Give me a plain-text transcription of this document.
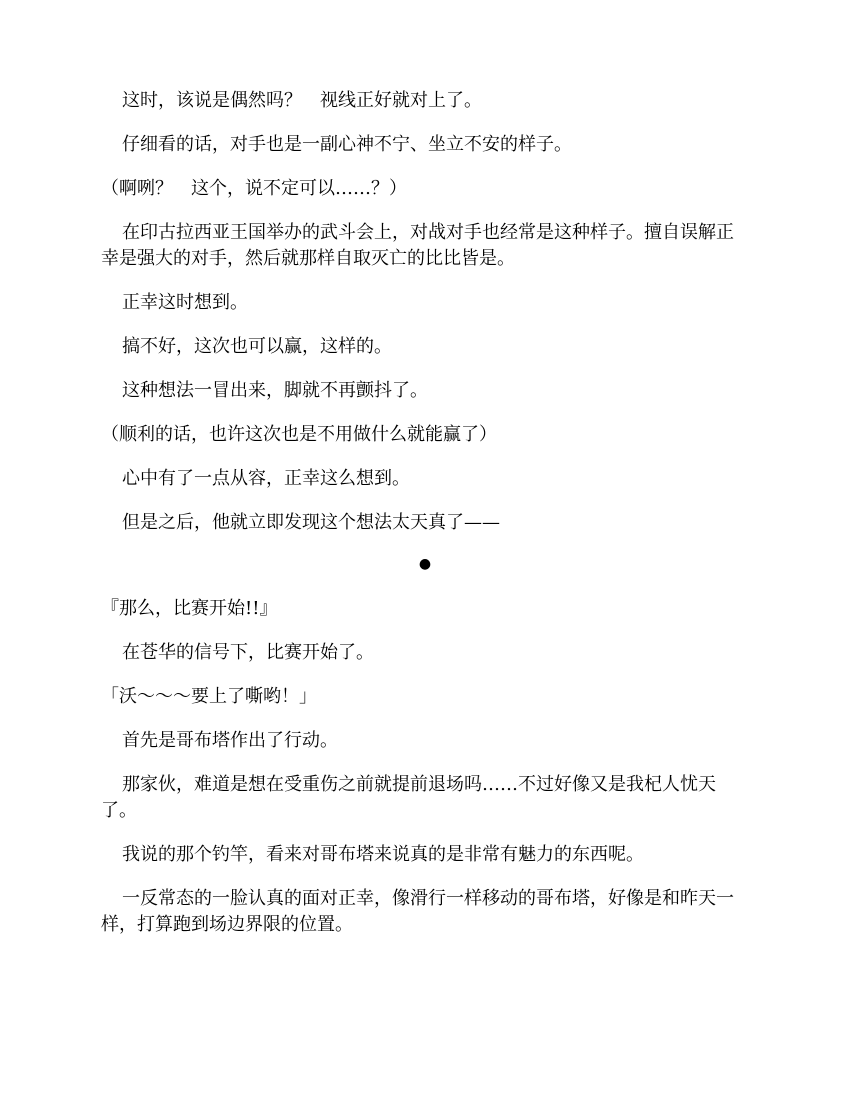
这时，该说是偶然吗？　视线正好就对上了。

仔细看的话，对手也是一副心神不宁、坐立不安的样子。

（啊咧？　这个，说不定可以……？）

在印古拉西亚王国举办的武斗会上，对战对手也经常是这种样子。擅自误解正幸是强大的对手，然后就那样自取灭亡的比比皆是。

正幸这时想到。

搞不好，这次也可以赢，这样的。

这种想法一冒出来，脚就不再颤抖了。

（顺利的话，也许这次也是不用做什么就能赢了）

心中有了一点从容，正幸这么想到。

但是之后，他就立即发现这个想法太天真了——

●

『那么，比赛开始!!』

在苍华的信号下，比赛开始了。

「沃～～～要上了嘶哟！」

首先是哥布塔作出了行动。

那家伙，难道是想在受重伤之前就提前退场吗……不过好像又是我杞人忧天了。

我说的那个钓竿，看来对哥布塔来说真的是非常有魅力的东西呢。

一反常态的一脸认真的面对正幸，像滑行一样移动的哥布塔，好像是和昨天一样，打算跑到场边界限的位置。
